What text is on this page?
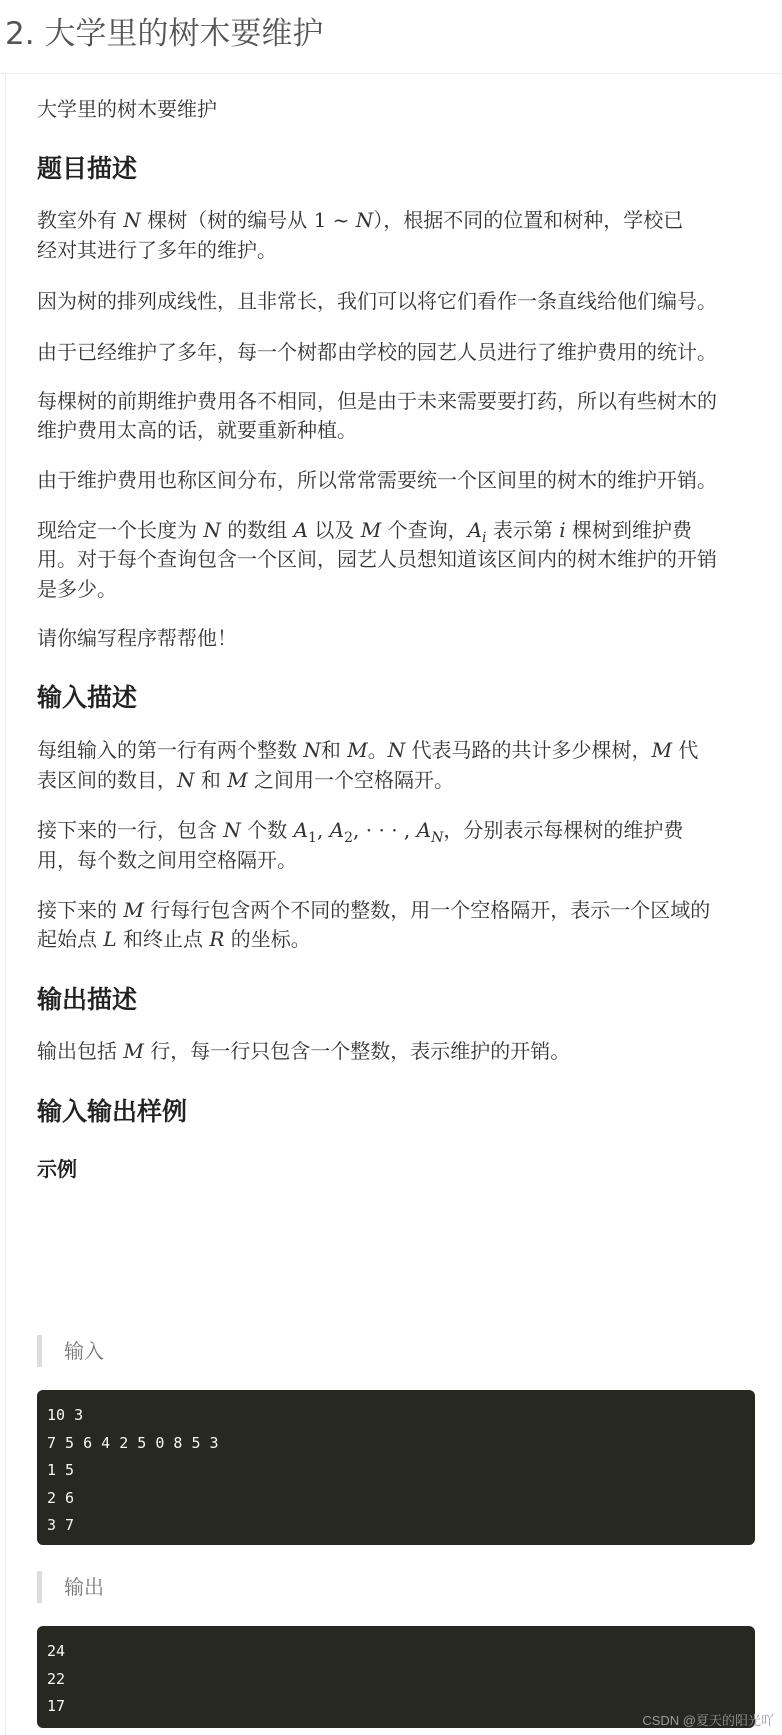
2. 大学里的树木要维护
大学里的树木要维护
题目描述
教室外有 N 棵树（树的编号从 1 ~ N），根据不同的位置和树种，学校已
经对其进行了多年的维护。
因为树的排列成线性，且非常长，我们可以将它们看作一条直线给他们编号。
由于已经维护了多年，每一个树都由学校的园艺人员进行了维护费用的统计。
每棵树的前期维护费用各不相同，但是由于未来需要要打药，所以有些树木的
维护费用太高的话，就要重新种植。
由于维护费用也称区间分布，所以常常需要统一个区间里的树木的维护开销。
现给定一个长度为 N 的数组 A 以及 M 个查询，$A_i$ 表示第 i 棵树到维护费
用。对于每个查询包含一个区间，园艺人员想知道该区间内的树木维护的开销
是多少。
请你编写程序帮帮他！
输入描述
每组输入的第一行有两个整数 N和 M。N 代表马路的共计多少棵树，M 代
表区间的数目，N 和 M 之间用一个空格隔开。
接下来的一行，包含 N 个数 $A_1$, $A_2$, · · · , $A_N$，分别表示每棵树的维护费
用，每个数之间用空格隔开。
接下来的 M 行每行包含两个不同的整数，用一个空格隔开，表示一个区域的
起始点 L 和终止点 R 的坐标。
输出描述
输出包括 M 行，每一行只包含一个整数，表示维护的开销。
输入输出样例
示例
输入
10 3
7 5 6 4 2 5 0 8 5 3
1 5
2 6
3 7
输出
24
22
17
CSDN @夏天的阳光吖
